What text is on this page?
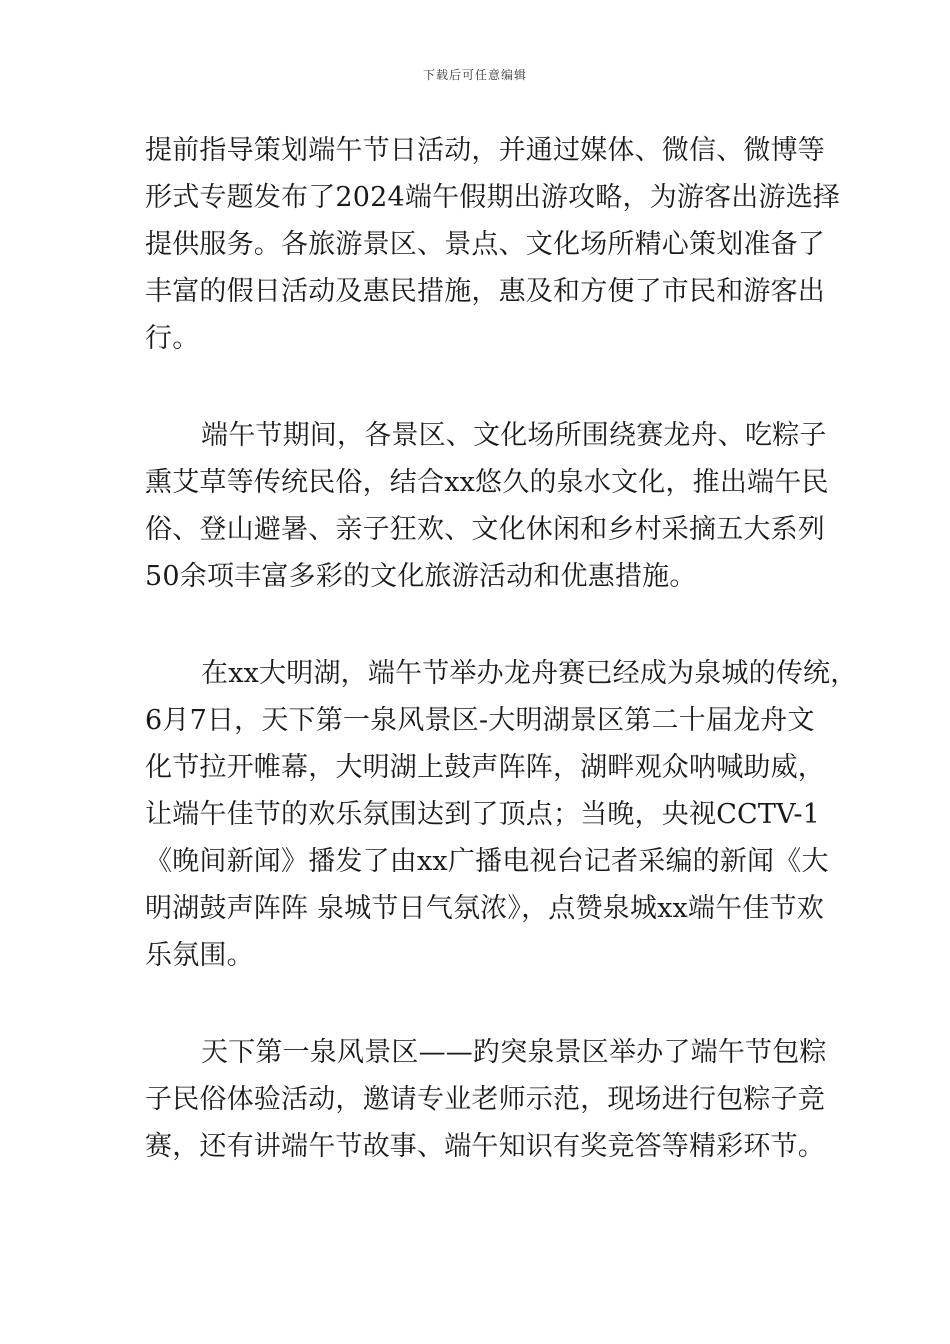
下载后可任意编辑

提前指导策划端午节日活动，并通过媒体、微信、微博等
形式专题发布了2024端午假期出游攻略，为游客出游选择
提供服务。各旅游景区、景点、文化场所精心策划准备了
丰富的假日活动及惠民措施，惠及和方便了市民和游客出
行。

端午节期间，各景区、文化场所围绕赛龙舟、吃粽子
熏艾草等传统民俗，结合xx悠久的泉水文化，推出端午民
俗、登山避暑、亲子狂欢、文化休闲和乡村采摘五大系列
50余项丰富多彩的文化旅游活动和优惠措施。

在xx大明湖，端午节举办龙舟赛已经成为泉城的传统，
6月7日，天下第一泉风景区-大明湖景区第二十届龙舟文
化节拉开帷幕，大明湖上鼓声阵阵，湖畔观众呐喊助威，
让端午佳节的欢乐氛围达到了顶点；当晚，央视CCTV-1
《晚间新闻》播发了由xx广播电视台记者采编的新闻《大
明湖鼓声阵阵 泉城节日气氛浓》，点赞泉城xx端午佳节欢
乐氛围。

天下第一泉风景区——趵突泉景区举办了端午节包粽
子民俗体验活动，邀请专业老师示范，现场进行包粽子竞
赛，还有讲端午节故事、端午知识有奖竞答等精彩环节。
